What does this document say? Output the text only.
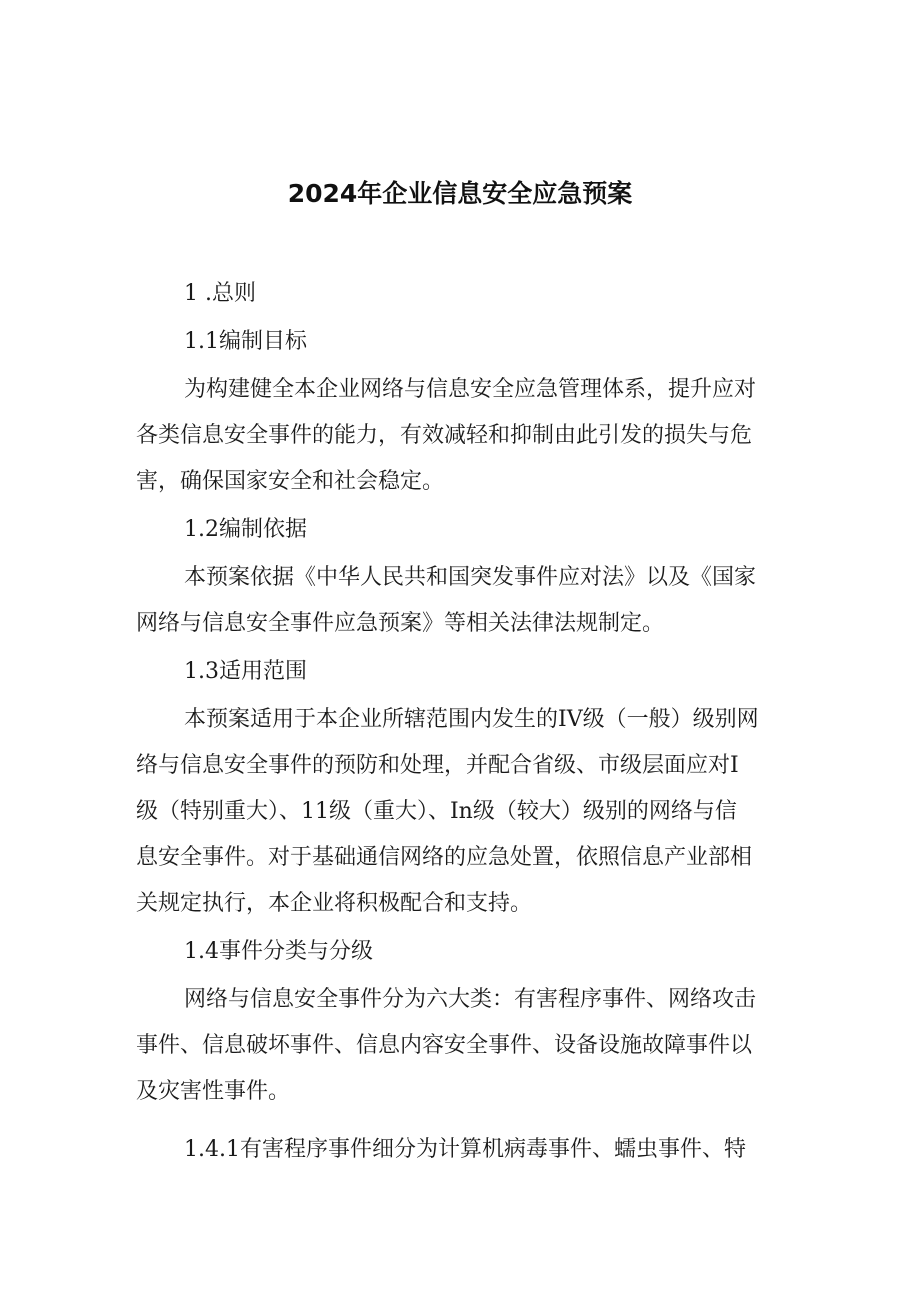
2024年企业信息安全应急预案

1 .总则

1.1编制目标

为构建健全本企业网络与信息安全应急管理体系，提升应对

各类信息安全事件的能力，有效减轻和抑制由此引发的损失与危

害，确保国家安全和社会稳定。

1.2编制依据

本预案依据《中华人民共和国突发事件应对法》以及《国家

网络与信息安全事件应急预案》等相关法律法规制定。

1.3适用范围

本预案适用于本企业所辖范围内发生的IV级（一般）级别网

络与信息安全事件的预防和处理，并配合省级、市级层面应对I

级（特别重大）、11级（重大）、In级（较大）级别的网络与信

息安全事件。对于基础通信网络的应急处置，依照信息产业部相

关规定执行，本企业将积极配合和支持。

1.4事件分类与分级

网络与信息安全事件分为六大类：有害程序事件、网络攻击

事件、信息破坏事件、信息内容安全事件、设备设施故障事件以

及灾害性事件。

1.4.1有害程序事件细分为计算机病毒事件、蠕虫事件、特
